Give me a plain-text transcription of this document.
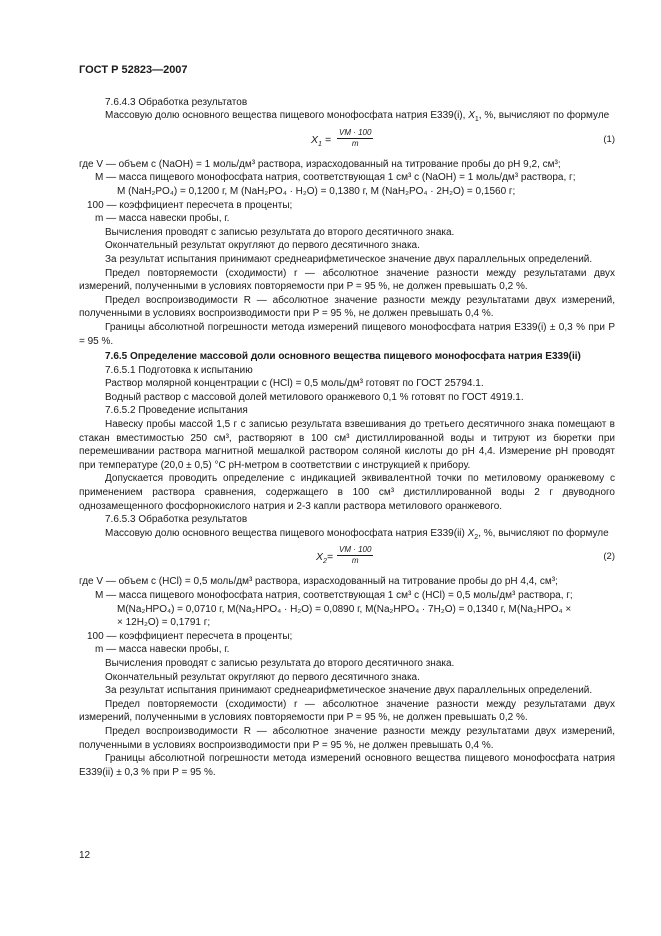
ГОСТ Р 52823—2007

7.6.4.3 Обработка результатов

Массовую долю основного вещества пищевого монофосфата натрия Е339(i), $X_1$, %, вычисляют по формуле

$X_1 = \frac{VM \cdot 100}{m}$	(1)

где V — объем c (NaOH) = 1 моль/дм³ раствора, израсходованный на титрование пробы до pH 9,2, см³;

M — масса пищевого монофосфата натрия, соответствующая 1 см³ c (NaOH) = 1 моль/дм³ раствора, г;

M (NaH₂PO₄) = 0,1200 г, M (NaH₂PO₄ · H₂O) = 0,1380 г, M (NaH₂PO₄ · 2H₂O) = 0,1560 г;

100 — коэффициент пересчета в проценты;

m — масса навески пробы, г.

Вычисления проводят с записью результата до второго десятичного знака.

Окончательный результат округляют до первого десятичного знака.

За результат испытания принимают среднеарифметическое значение двух параллельных определений.

Предел повторяемости (сходимости) r — абсолютное значение разности между результатами двух измерений, полученными в условиях повторяемости при P = 95 %, не должен превышать 0,2 %.

Предел воспроизводимости R — абсолютное значение разности между результатами двух измерений, полученными в условиях воспроизводимости при P = 95 %, не должен превышать 0,4 %.

Границы абсолютной погрешности метода измерений пищевого монофосфата натрия Е339(i) ± 0,3 % при P = 95 %.

7.6.5 Определение массовой доли основного вещества пищевого монофосфата натрия Е339(ii)

7.6.5.1 Подготовка к испытанию

Раствор молярной концентрации c (HCl) = 0,5 моль/дм³ готовят по ГОСТ 25794.1.

Водный раствор с массовой долей метилового оранжевого 0,1 % готовят по ГОСТ 4919.1.

7.6.5.2 Проведение испытания

Навеску пробы массой 1,5 г с записью результата взвешивания до третьего десятичного знака помещают в стакан вместимостью 250 см³, растворяют в 100 см³ дистиллированной воды и титруют из бюретки при перемешивании раствора магнитной мешалкой раствором соляной кислоты до pH 4,4. Измерение pH проводят при температуре (20,0 ± 0,5) °С pH-метром в соответствии с инструкцией к прибору.

Допускается проводить определение с индикацией эквивалентной точки по метиловому оранжевому с применением раствора сравнения, содержащего в 100 см³ дистиллированной воды 2 г двуводного однозамещенного фосфорнокислого натрия и 2-3 капли раствора метилового оранжевого.

7.6.5.3 Обработка результатов

Массовую долю основного вещества пищевого монофосфата натрия Е339(ii) $X_2$, %, вычисляют по формуле

$X_2= \frac{VM \cdot 100}{m}$	(2)

где V — объем c (HCl) = 0,5 моль/дм³ раствора, израсходованный на титрование пробы до pH 4,4, см³;

M — масса пищевого монофосфата натрия, соответствующая 1 см³ c (HCl) = 0,5 моль/дм³ раствора, г;

M(Na₂HPO₄) = 0,0710 г, M(Na₂HPO₄ · H₂O) = 0,0890 г, M(Na₂HPO₄ · 7H₂O) = 0,1340 г, M(Na₂HPO₄ ×

× 12H₂O) = 0,1791 г;

100 — коэффициент пересчета в проценты;

m — масса навески пробы, г.

Вычисления проводят с записью результата до второго десятичного знака.

Окончательный результат округляют до первого десятичного знака.

За результат испытания принимают среднеарифметическое значение двух параллельных определений.

Предел повторяемости (сходимости) r — абсолютное значение разности между результатами двух измерений, полученными в условиях повторяемости при P = 95 %, не должен превышать 0,2 %.

Предел воспроизводимости R — абсолютное значение разности между результатами двух измерений, полученными в условиях воспроизводимости при P = 95 %, не должен превышать 0,4 %.

Границы абсолютной погрешности метода измерений основного вещества пищевого монофосфата натрия Е339(ii) ± 0,3 % при P = 95 %.

12
